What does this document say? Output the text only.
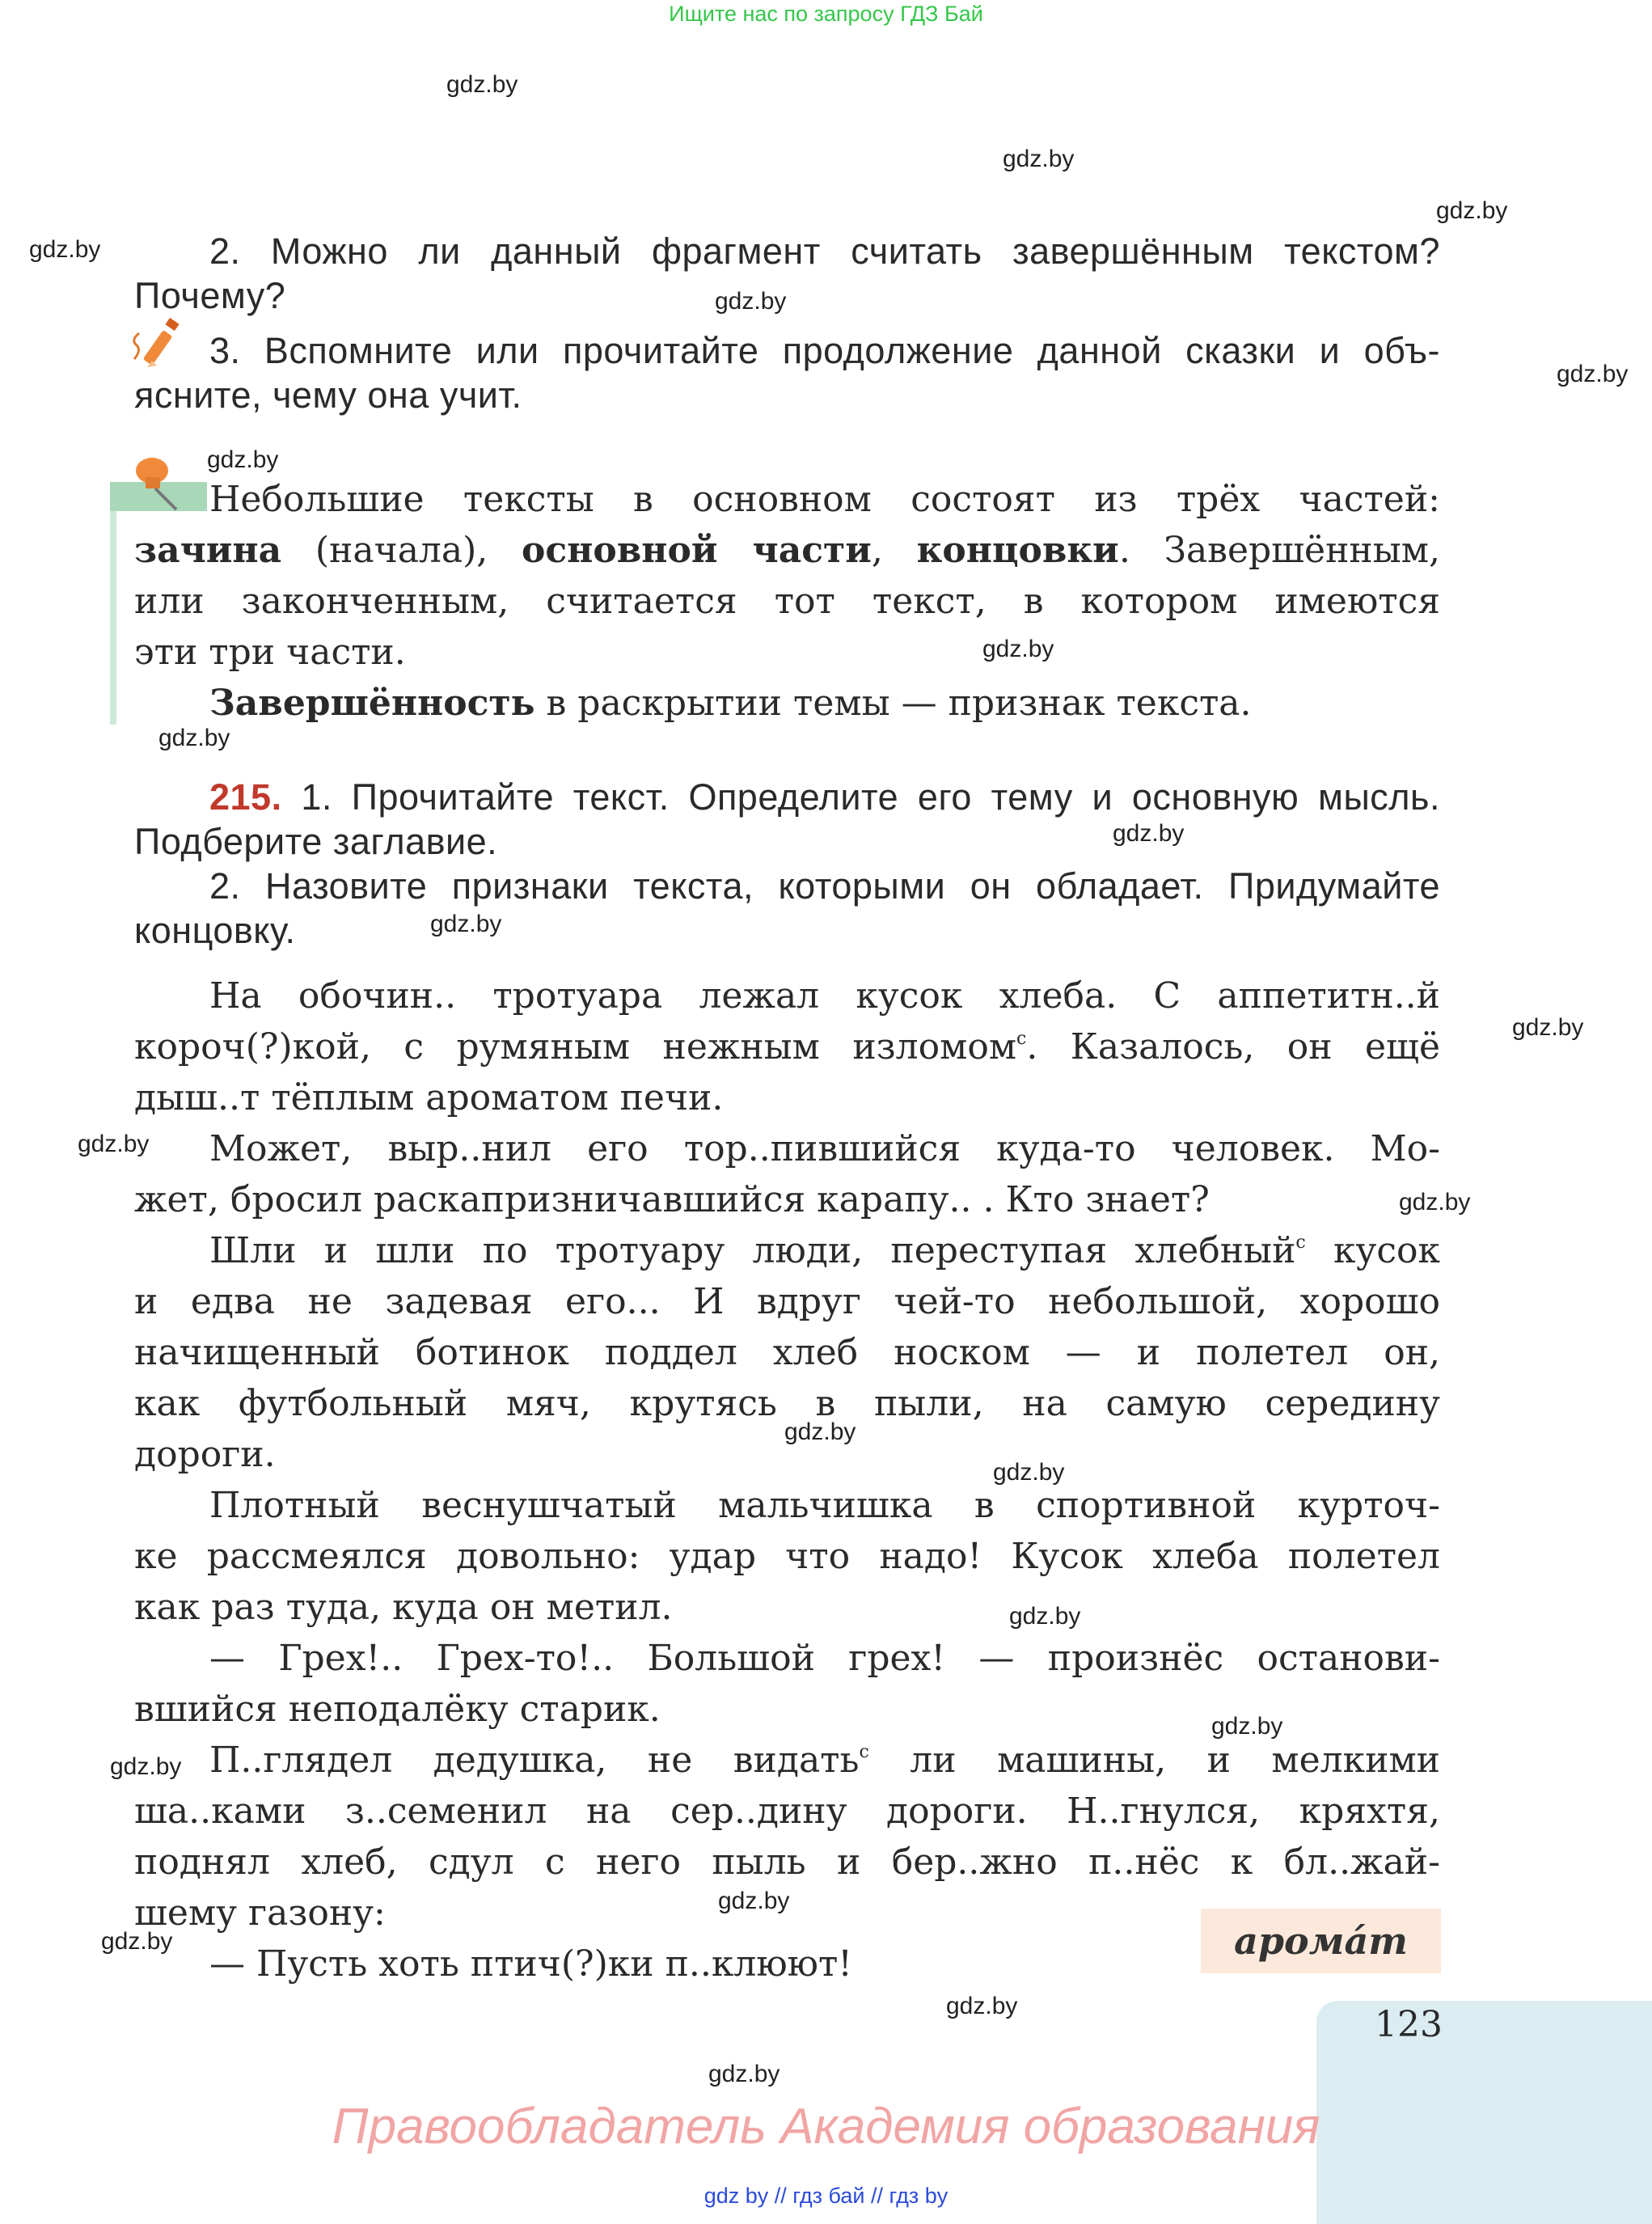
Ищите нас по запросу ГДЗ Бай
gdz.by
gdz.by
gdz.by
gdz.by
gdz.by
gdz.by
gdz.by
gdz.by
gdz.by
gdz.by
gdz.by
gdz.by
gdz.by
gdz.by
gdz.by
gdz.by
gdz.by
gdz.by
gdz.by
gdz.by
gdz.by
gdz.by
gdz.by
2. Можно ли данный фрагмент считать завершённым текстом?
Почему?
3. Вспомните или прочитайте продолжение данной сказки и объ-
ясните, чему она учит.
Небольшие тексты в основном состоят из трёх частей:
зачина (начала), основной части, концовки. Завершённым,
или законченным, считается тот текст, в котором имеются
эти три части.
Завершённость в раскрытии темы — признак текста.
215. 1. Прочитайте текст. Определите его тему и основную мысль.
Подберите заглавие.
2. Назовите признаки текста, которыми он обладает. Придумайте
концовку.
На обочин.. тротуара лежал кусок хлеба. С аппетитн..й
короч(?)кой, с румяным нежным изломом$^с$. Казалось, он ещё
дыш..т тёплым ароматом печи.
Может, выр..нил его тор..пившийся куда-то человек. Мо-
жет, бросил раскапризничавшийся карапу.. . Кто знает?
Шли и шли по тротуару люди, переступая хлебный$^с$ кусок
и едва не задевая его... И вдруг чей-то небольшой, хорошо
начищенный ботинок поддел хлеб носком — и полетел он,
как футбольный мяч, крутясь в пыли, на самую середину
дороги.
Плотный веснушчатый мальчишка в спортивной курточ-
ке рассмеялся довольно: удар что надо! Кусок хлеба полетел
как раз туда, куда он метил.
— Грех!.. Грех-то!.. Большой грех! — произнёс останови-
вшийся неподалёку старик.
П..глядел дедушка, не видать$^с$ ли машины, и мелкими
ша..ками з..семенил на сер..дину дороги. Н..гнулся, кряхтя,
поднял хлеб, сдул с него пыль и бер..жно п..нёс к бл..жай-
шему газону:
— Пусть хоть птич(?)ки п..клюют!
аромáт
123
Правообладатель Академия образования
gdz by // гдз бай // гдз by
